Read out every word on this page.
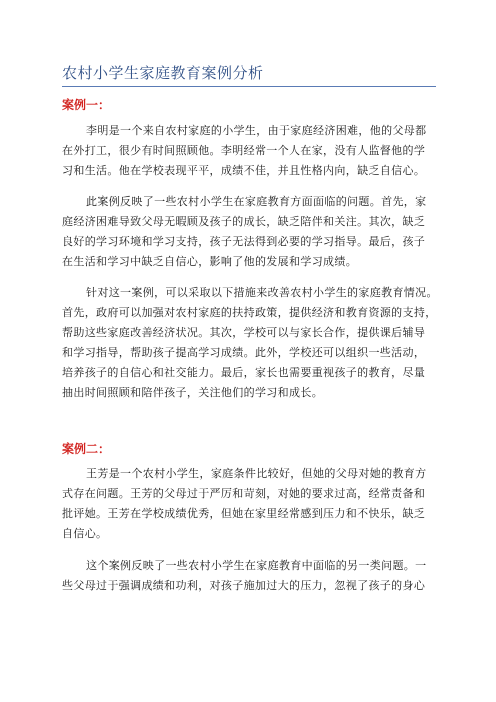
农村小学生家庭教育案例分析
案例一：
李明是一个来自农村家庭的小学生，由于家庭经济困难，他的父母都
在外打工，很少有时间照顾他。李明经常一个人在家，没有人监督他的学
习和生活。他在学校表现平平，成绩不佳，并且性格内向，缺乏自信心。
此案例反映了一些农村小学生在家庭教育方面面临的问题。首先，家
庭经济困难导致父母无暇顾及孩子的成长，缺乏陪伴和关注。其次，缺乏
良好的学习环境和学习支持，孩子无法得到必要的学习指导。最后，孩子
在生活和学习中缺乏自信心，影响了他的发展和学习成绩。
针对这一案例，可以采取以下措施来改善农村小学生的家庭教育情况。
首先，政府可以加强对农村家庭的扶持政策，提供经济和教育资源的支持，
帮助这些家庭改善经济状况。其次，学校可以与家长合作，提供课后辅导
和学习指导，帮助孩子提高学习成绩。此外，学校还可以组织一些活动，
培养孩子的自信心和社交能力。最后，家长也需要重视孩子的教育，尽量
抽出时间照顾和陪伴孩子，关注他们的学习和成长。
案例二：
王芳是一个农村小学生，家庭条件比较好，但她的父母对她的教育方
式存在问题。王芳的父母过于严厉和苛刻，对她的要求过高，经常责备和
批评她。王芳在学校成绩优秀，但她在家里经常感到压力和不快乐，缺乏
自信心。
这个案例反映了一些农村小学生在家庭教育中面临的另一类问题。一
些父母过于强调成绩和功利，对孩子施加过大的压力，忽视了孩子的身心
